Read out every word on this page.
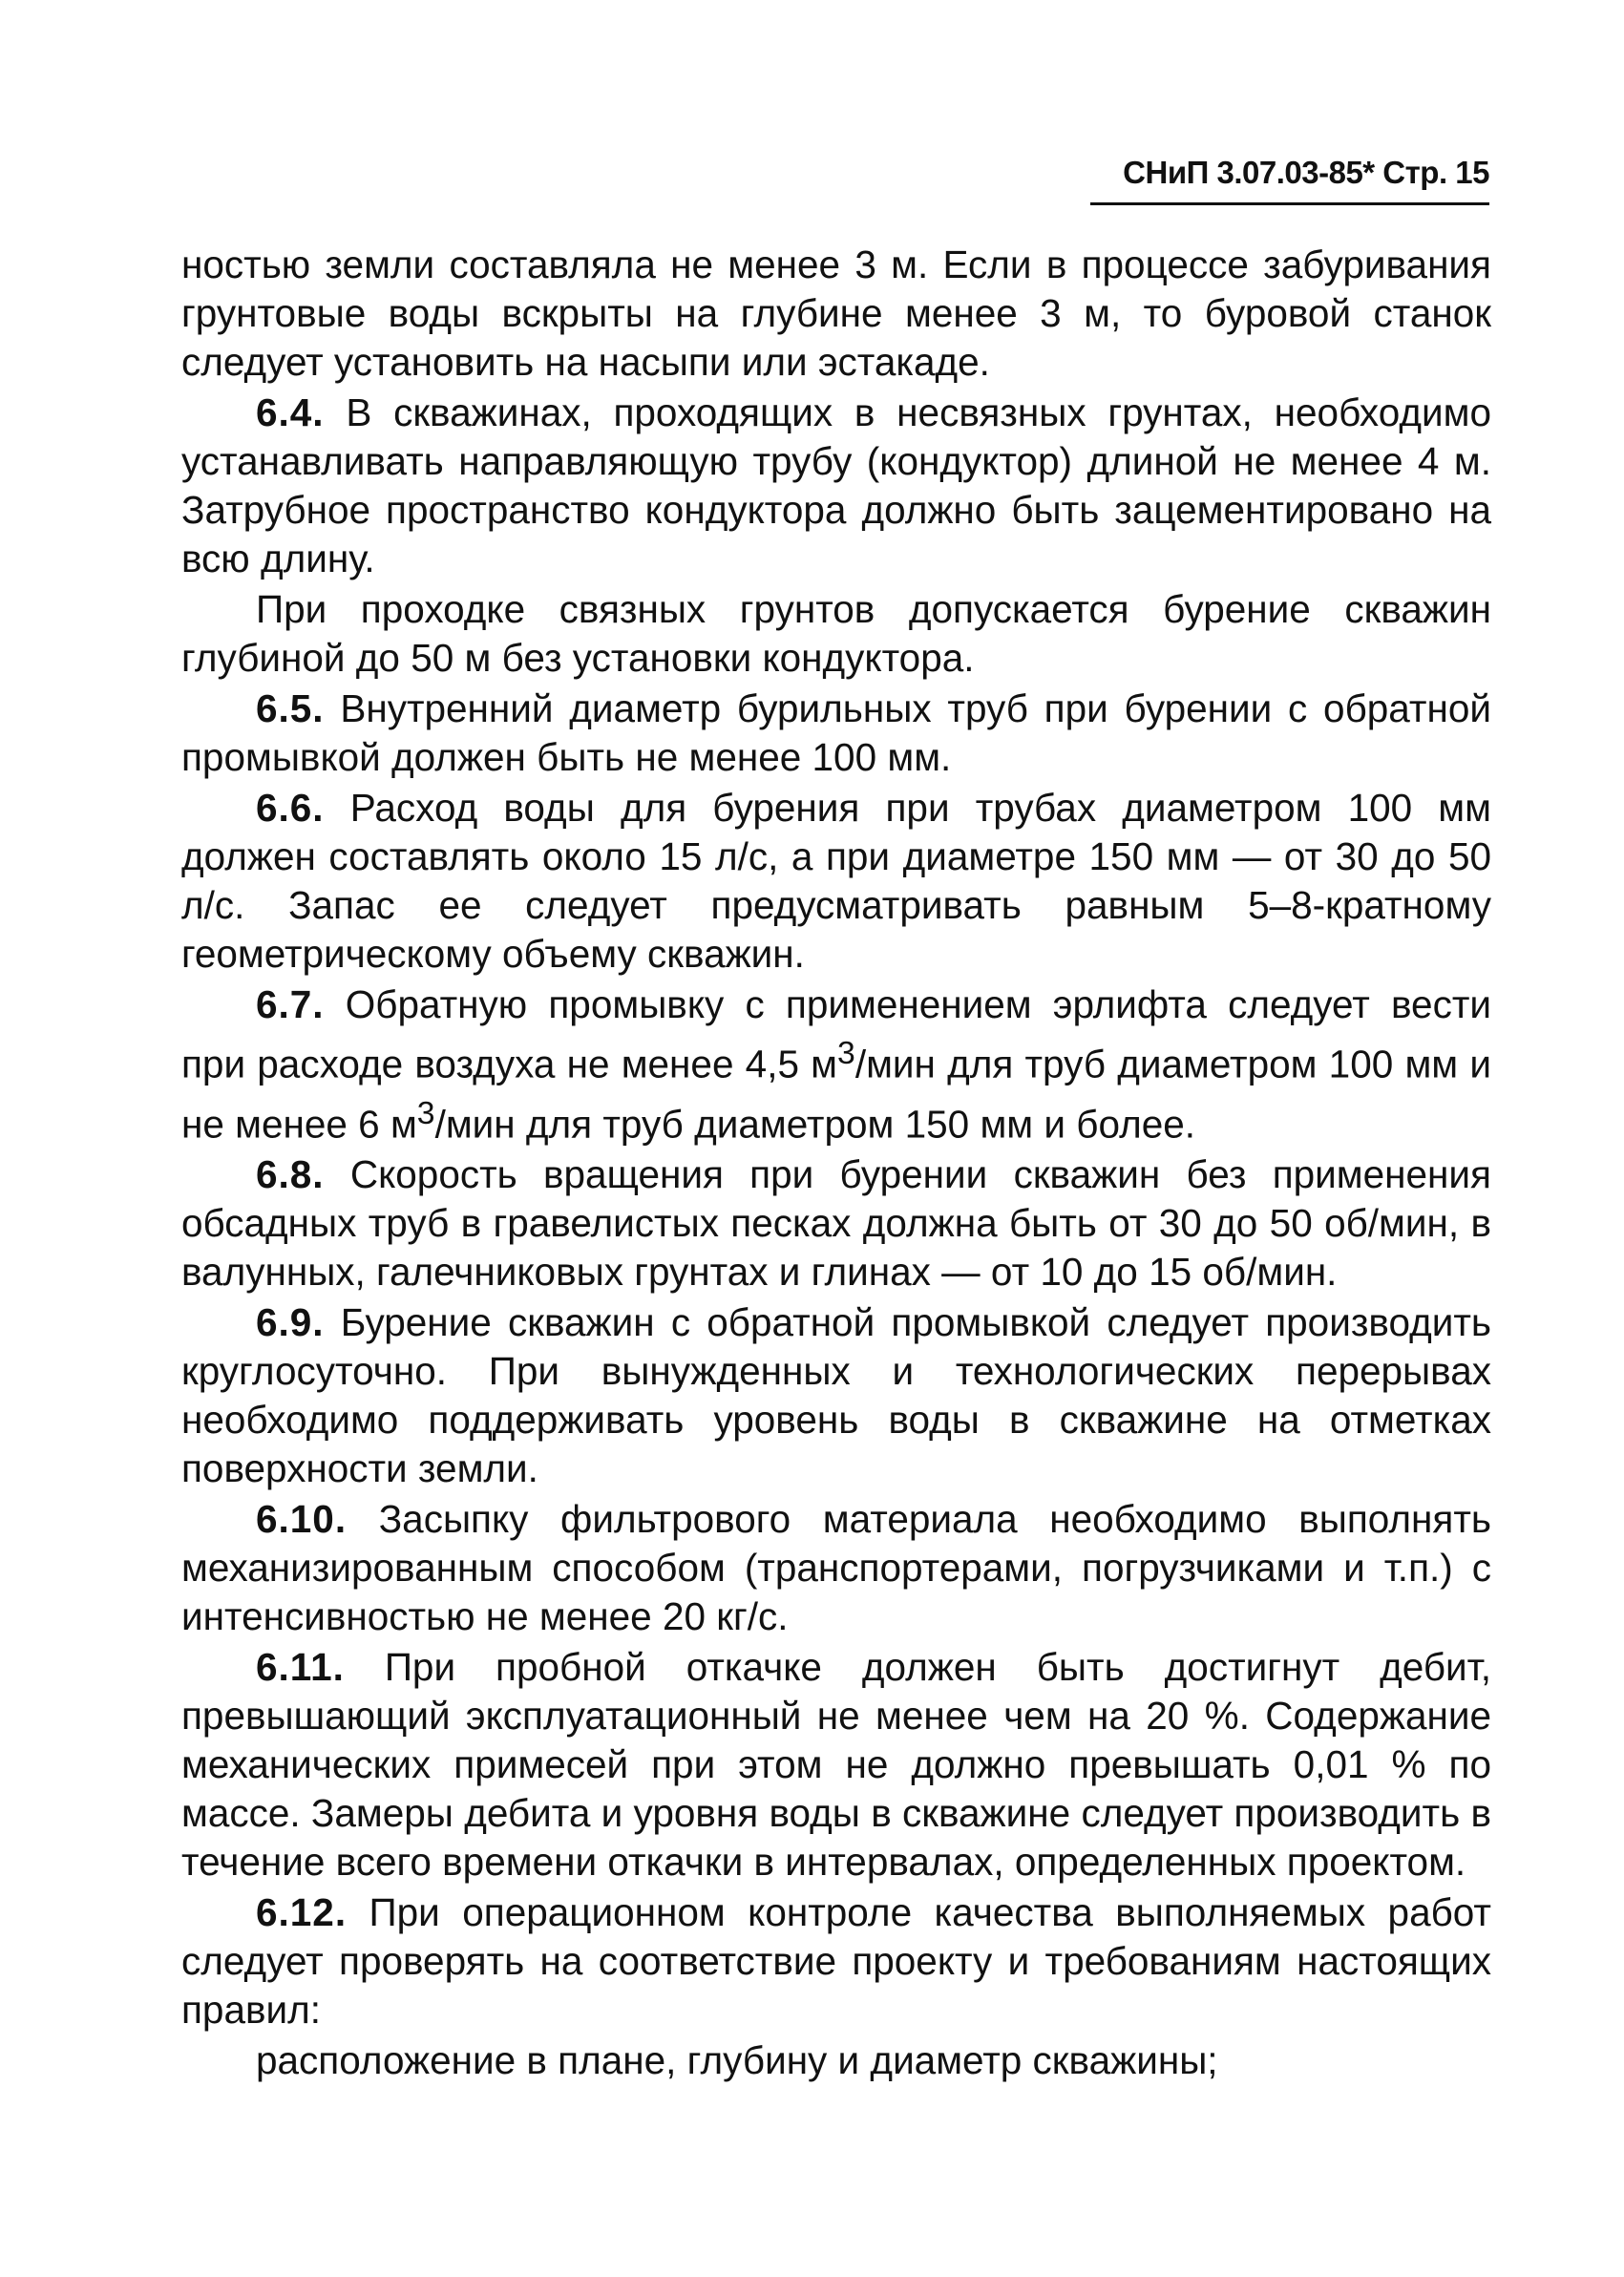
СНиП 3.07.03-85* Стр. 15

ностью земли составляла не менее 3 м. Если в процессе забуривания грунтовые воды вскрыты на глубине менее 3 м, то буровой станок следует установить на насыпи или эстакаде.

6.4. В скважинах, проходящих в несвязных грунтах, необходимо устанавливать направляющую трубу (кондуктор) длиной не менее 4 м. Затрубное пространство кондуктора должно быть зацементировано на всю длину.

При проходке связных грунтов допускается бурение скважин глубиной до 50 м без установки кондуктора.

6.5. Внутренний диаметр бурильных труб при бурении с обратной промывкой должен быть не менее 100 мм.

6.6. Расход воды для бурения при трубах диаметром 100 мм должен составлять около 15 л/с, а при диаметре 150 мм — от 30 до 50 л/с. Запас ее следует предусматривать равным 5–8-кратному геометрическому объему скважин.

6.7. Обратную промывку с применением эрлифта следует вести при расходе воздуха не менее 4,5 $м^3$/мин для труб диаметром 100 мм и не менее 6 $м^3$/мин для труб диаметром 150 мм и более.

6.8. Скорость вращения при бурении скважин без применения обсадных труб в гравелистых песках должна быть от 30 до 50 об/мин, в валунных, галечниковых грунтах и глинах — от 10 до 15 об/мин.

6.9. Бурение скважин с обратной промывкой следует производить круглосуточно. При вынужденных и технологических перерывах необходимо поддерживать уровень воды в скважине на отметках поверхности земли.

6.10. Засыпку фильтрового материала необходимо выполнять механизированным способом (транспортерами, погрузчиками и т.п.) с интенсивностью не менее 20 кг/с.

6.11. При пробной откачке должен быть достигнут дебит, превышающий эксплуатационный не менее чем на 20 %. Содержание механических примесей при этом не должно превышать 0,01 % по массе. Замеры дебита и уровня воды в скважине следует производить в течение всего времени откачки в интервалах, определенных проектом.

6.12. При операционном контроле качества выполняемых работ следует проверять на соответствие проекту и требованиям настоящих правил:

расположение в плане, глубину и диаметр скважины;
